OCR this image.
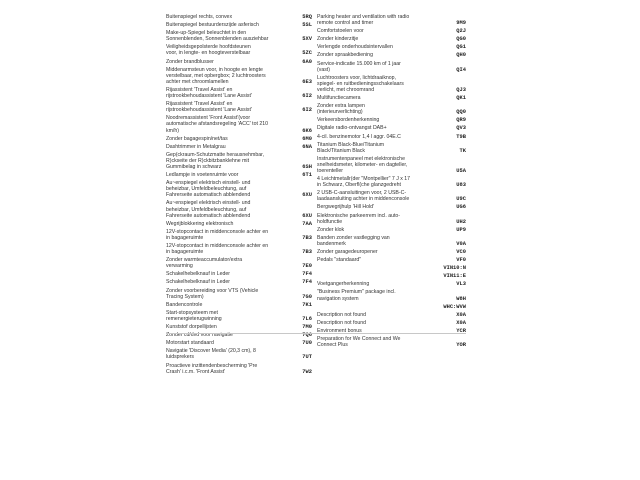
Buitenspiegel rechts, convex	5RQ
Buitenspiegel bestuurderszijde asferisch	5SL
Make-up-Spiegel beleuchtet in den
Sonnenblenden, Sonnenblenden ausziehbar	5XV
Veiligheidsgepolsterde hoofdsteunen
voor, in lengte- en hoogteverstelbaar	5ZC
Zonder brandblusser	6A0
Middenarmsteun voor, in hoogte en lengte
verstelbaar, met opbergbox; 2 luchtroosters
achter met chroomlamellen	6E3
Rijassistent 'Travel Assist' en
rijstrookbehoudassistent 'Lane Assist'	6I2
Rijassistent 'Travel Assist' en
rijstrookbehoudassistent 'Lane Assist'	6I2
Noodremassistent 'Front Assist'(voor
automatische afstandsregeling 'ACC' tot 210
km/h)	6K6
Zonder bagagespin/net/tas	6M0
Dashtrimmer in Metalgrau	6NA
Gep(ckraum-Schutzmatte herausnehmbar,
R)ckseite der R)ckbitzbanklehne mit
Gummibelag in schwarz	6SH
Ledlampje in voetenruimte voor	6T1
Au~enspiegel elektrisch einstell- und
beheizbar, Umfeldbeleuchtung, auf
Fahrerseite automatisch abblendend	6XU
Au~enspiegel elektrisch einstell- und
beheizbar, Umfeldbeleuchtung, auf
Fahrerseite automatisch abblendend	6XU
Wegrijblokkering elektronisch	7AA
12V-stopcontact in middenconsole achter en
in bagageruimte	7B3
12V-stopcontact in middenconsole achter en
in bagageruimte	7B3
Zonder warmteaccumulator/extra
verwarming	7E0
Schakelhebelknauf in Leder	7F4
Schakelhebelknauf in Leder	7F4
Zonder voorbereiding voor VTS (Vehicle
Tracing System)	7G0
Bandencontrole	7K1
Start-stopsysteem met
remenergieterugwinning	7L6
Kunststof dorpellijsten	7M0
Zonder cd/dvd voor navigatie	7Q6
Motorstart standaard	7U0
Navigatie 'Discover Media' (20,3 cm), 8
luidsprekers	7UT
Proactieve inzittendenbescherming 'Pre
Crash' i.c.m. 'Front Assist'	7W2
Parking heater and ventilation with radio
remote control and timer	9M9
Comfortstoelen voor	Q2J
Zonder kinderzitje	QG0
Verlengde onderhoudsintervallen	QG1
Zonder spraakbediening	QH0
Service-indicatie 15.000 km of 1 jaar
(vast)	QI4
Luchtroosters voor, lichtdraaiknop,
spiegel- en ruitbedieningsschakelaars
verlicht, met chroomrand	QJ3
Multifunctiecamera	QK1
Zonder extra lampen
(interieurverlichting)	QQ0
Verkeersbordenherkenning	QR9
Digitale radio-ontvangst DAB+	QV3
4-cil. benzinemotor 1,4 l aggr. 04E.C	T9B
Titanium Black-Blue/Titanium
Black/Titanium Black	TK
Instrumentenpaneel met elektronische
snelheidsmeter, kilometer- en dagteller,
toerenteller	U5A
4 Leichtmetallr(der "Montpellier" 7 J x 17
in Schwarz, Oberfl(che glanzgedreht	U83
2 USB-C-aansluitingen voor, 2 USB-C-
laadaansluiting achter in middenconsole	U9C
Bergwegrijhulp 'Hill Hold'	UG6
Elektronische parkeerrem incl. auto-
holdfunctie	UH2
Zonder klok	UP9
Banden zonder vastlegging van
bandenmerk	V0A
Zonder garagedeuropener	VC0
Pedals "standaard"	VF0
VIN10:N
VIN11:E
Voetgangerherkenning	VL3
"Business Premium" package incl.
navigation system	W8H
WHC:WVW
Description not found	X0A
Description not found	X0A
Environment bonus	YCR
Preparation for We Connect and We
Connect Plus	YOR
